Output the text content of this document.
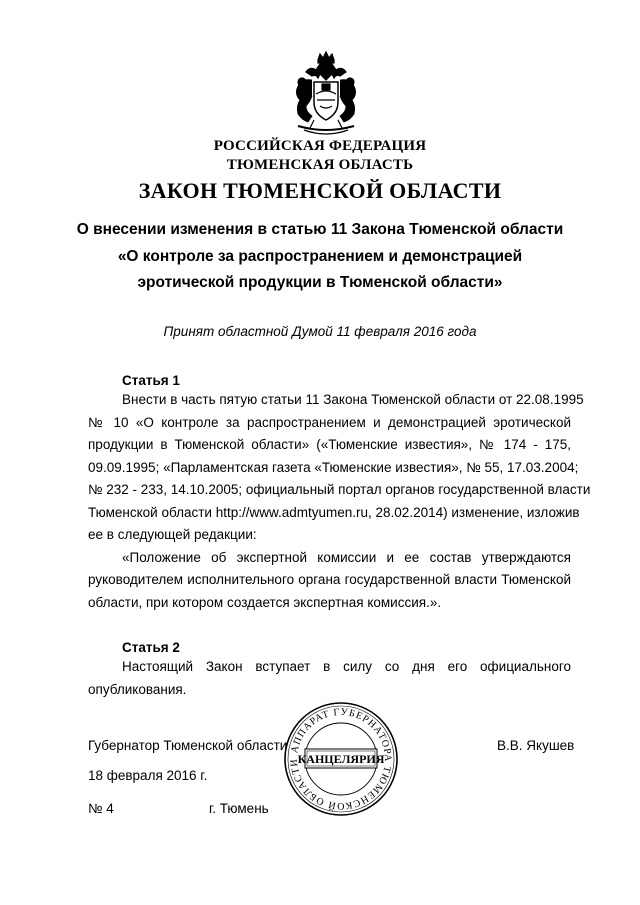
РОССИЙСКАЯ ФЕДЕРАЦИЯ
ТЮМЕНСКАЯ ОБЛАСТЬ
ЗАКОН ТЮМЕНСКОЙ ОБЛАСТИ
О внесении изменения в статью 11 Закона Тюменской области
«О контроле за распространением и демонстрацией
эротической продукции в Тюменской области»
Принят областной Думой 11 февраля 2016 года
Статья 1
Внести в часть пятую статьи 11 Закона Тюменской области от 22.08.1995
№ 10 «О контроле за распространением и демонстрацией эротической
продукции в Тюменской области» («Тюменские известия», № 174 - 175,
09.09.1995; «Парламентская газета «Тюменские известия», № 55, 17.03.2004;
№ 232 - 233, 14.10.2005; официальный портал органов государственной власти
Тюменской области http://www.admtyumen.ru, 28.02.2014) изменение, изложив
ее в следующей редакции:
«Положение об экспертной комиссии и ее состав утверждаются
руководителем исполнительного органа государственной власти Тюменской
области, при котором создается экспертная комиссия.».
Статья 2
Настоящий Закон вступает в силу со дня его официального
опубликования.
Губернатор Тюменской области	В.В. Якушев
18 февраля 2016 г.
№ 4	г. Тюмень
АППАРАТ ГУБЕРНАТОРА ТЮМЕНСКОЙ ОБЛАСТИ
КАНЦЕЛЯРИЯ
